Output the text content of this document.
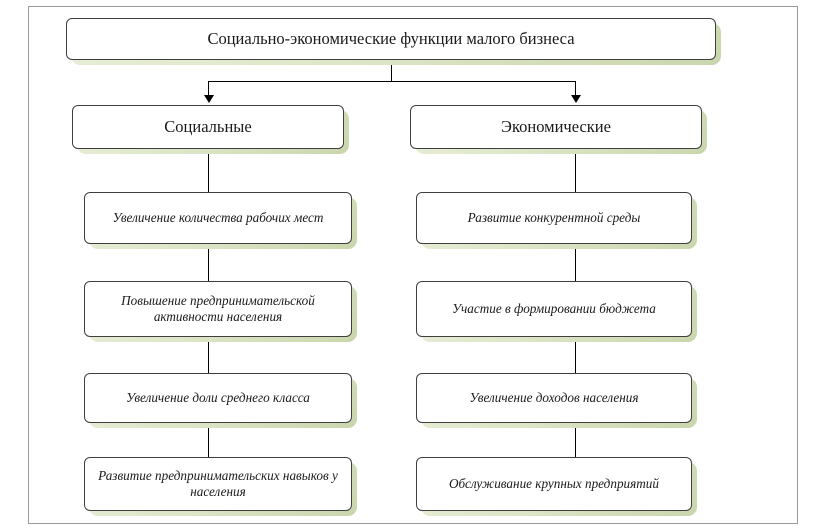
Социально-экономические функции малого бизнеса
Социальные	Экономические
Увеличение количества рабочих мест
Повышение предпринимательской активности населения
Увеличение доли среднего класса
Развитие предпринимательских навыков у населения
Развитие конкурентной среды
Участие в формировании бюджета
Увеличение доходов населения
Обслуживание крупных предприятий
